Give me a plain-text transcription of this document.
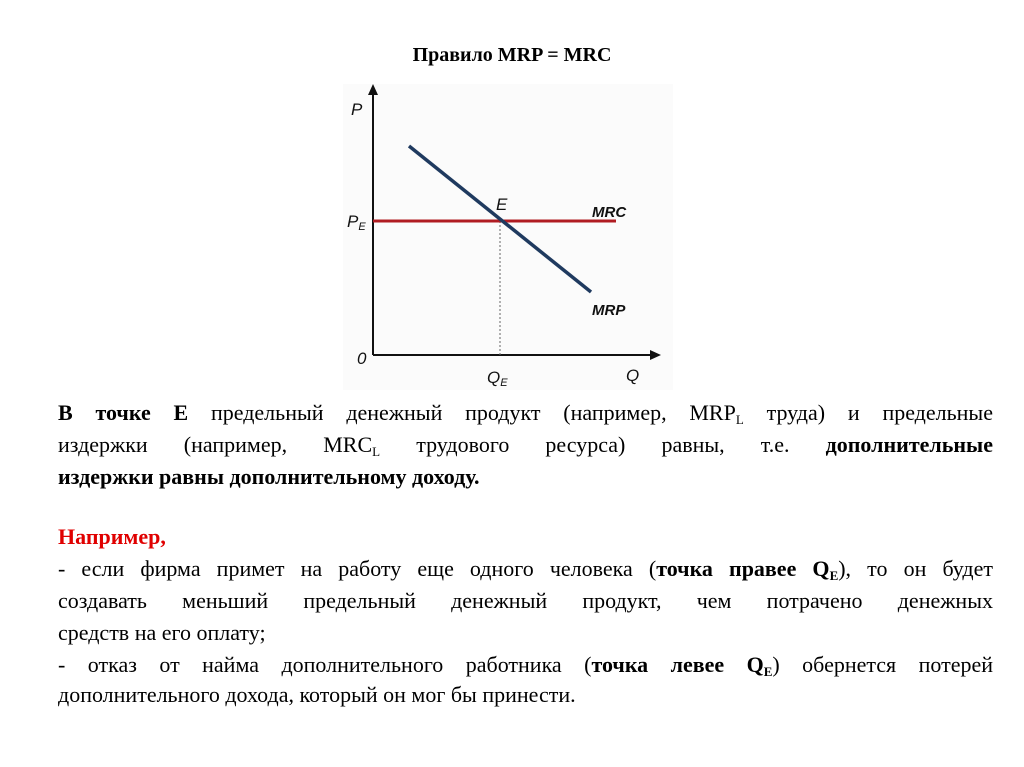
Правило MRP = MRC
P
PE
E	MRC
MRP
0
QE	Q
В точке Е предельный денежный продукт (например, $MRP_L$ труда) и предельные
издержки (например, $MRC_L$ трудового ресурса) равны, т.е. дополнительные
издержки равны дополнительному доходу.
Например,
- если фирма примет на работу еще одного человека (точка правее $Q_E$), то он будет
создавать меньший предельный денежный продукт, чем потрачено денежных
средств на его оплату;
- отказ от найма дополнительного работника (точка левее $Q_E$) обернется потерей
дополнительного дохода, который он мог бы принести.
